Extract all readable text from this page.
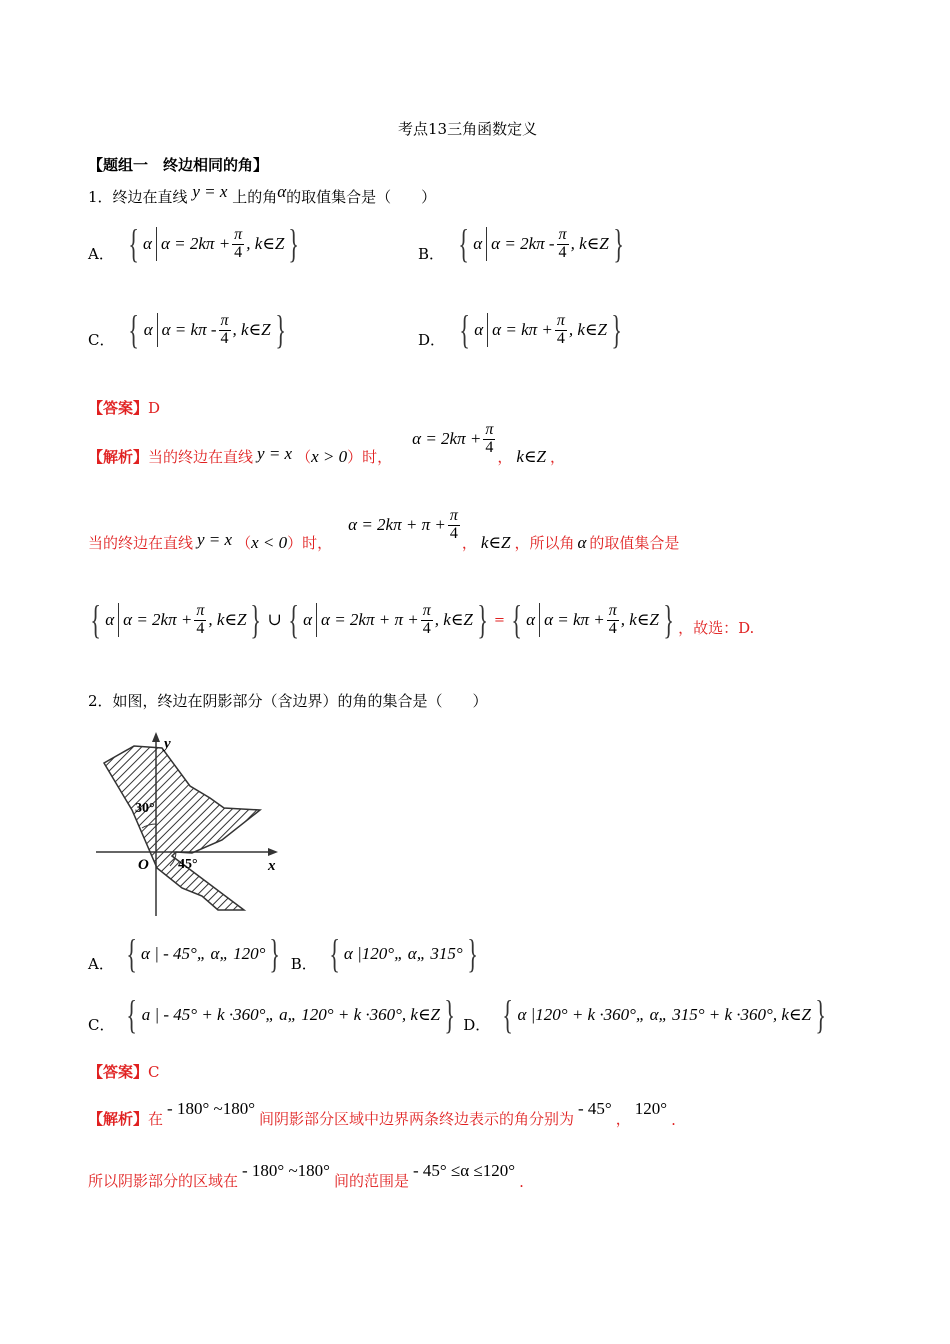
考点13三角函数定义
【题组一　终边相同的角】
1．终边在直线 y = x 上的角α的取值集合是（　　）
A． { α $\alpha = 2k\pi + \frac{\pi}{4}$ , k∈Z }	B． { α $\alpha = 2k\pi - \frac{\pi}{4}$ , k∈Z }
C． { α $\alpha = k\pi - \frac{\pi}{4}$ , k∈Z }	D． { α $\alpha = k\pi + \frac{\pi}{4}$ , k∈Z }
【答案】D
【解析】 当的终边在直线 y = x （ x > 0 ）时，
$\alpha = 2k\pi + \frac{\pi}{4}$ ， k∈Z ，
当的终边在直线 y = x （ x < 0 ）时，
$\alpha = 2k\pi + \pi + \frac{\pi}{4}$ ， k∈Z ，所以角 α 的取值集合是
{ α $\alpha = 2k\pi + \frac{\pi}{4}$ , k∈Z } ∪ { α $\alpha = 2k\pi + \pi + \frac{\pi}{4}$ , k∈Z } = { α $\alpha = k\pi + \frac{\pi}{4}$ , k∈Z } ，故选：D.
2．如图，终边在阴影部分（含边界）的角的集合是（　　）
y
x
O
30°
45°
A． { α | - 45°„ α„ 120° } B． { α |120°„ α„ 315° }
C． { a | - 45° + k ·360°„ a„ 120° + k ·360°, k∈Z } D． { α |120° + k ·360°„ α„ 315° + k ·360°, k∈Z }
【答案】C
【解析】 在
- 180° ~180°
间阴影部分区域中边界两条终边表示的角分别为
- 45°
，
120°
.
所以阴影部分的区域在
- 180° ~180°
间的范围是
- 45° ≤α ≤120°
.
